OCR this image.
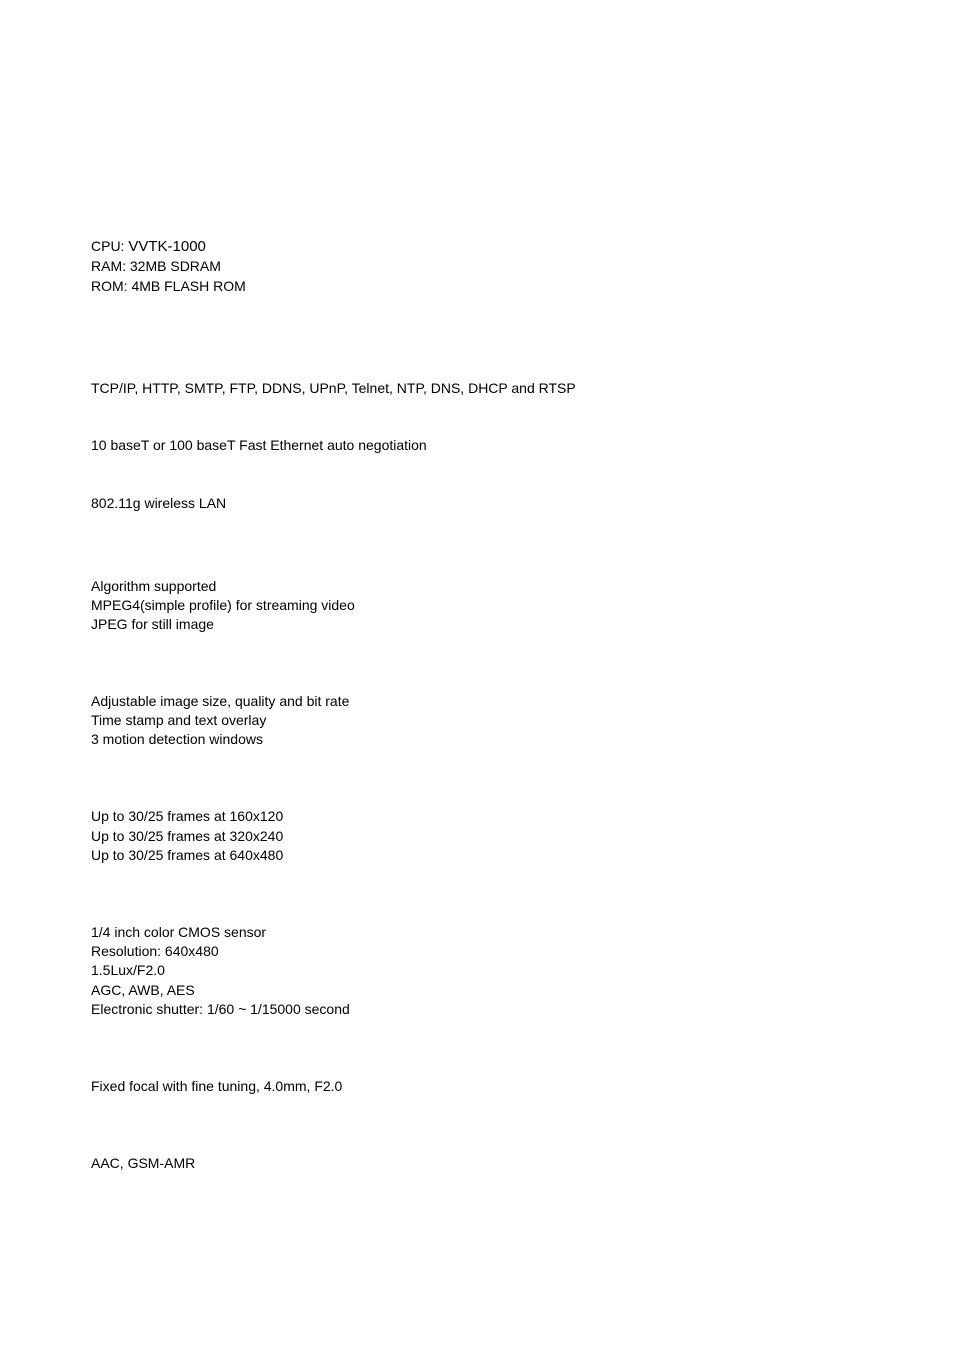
CPU: VVTK-1000
RAM: 32MB SDRAM
ROM: 4MB FLASH ROM
TCP/IP, HTTP, SMTP, FTP, DDNS, UPnP, Telnet, NTP, DNS, DHCP and RTSP
10 baseT or 100 baseT Fast Ethernet auto negotiation
802.11g wireless LAN
Algorithm supported
MPEG4(simple profile) for streaming video
JPEG for still image
Adjustable image size, quality and bit rate
Time stamp and text overlay
3 motion detection windows
Up to 30/25 frames at 160x120
Up to 30/25 frames at 320x240
Up to 30/25 frames at 640x480
1/4 inch color CMOS sensor
Resolution: 640x480
1.5Lux/F2.0
AGC, AWB, AES
Electronic shutter: 1/60 ~ 1/15000 second
Fixed focal with fine tuning, 4.0mm, F2.0
AAC, GSM-AMR
